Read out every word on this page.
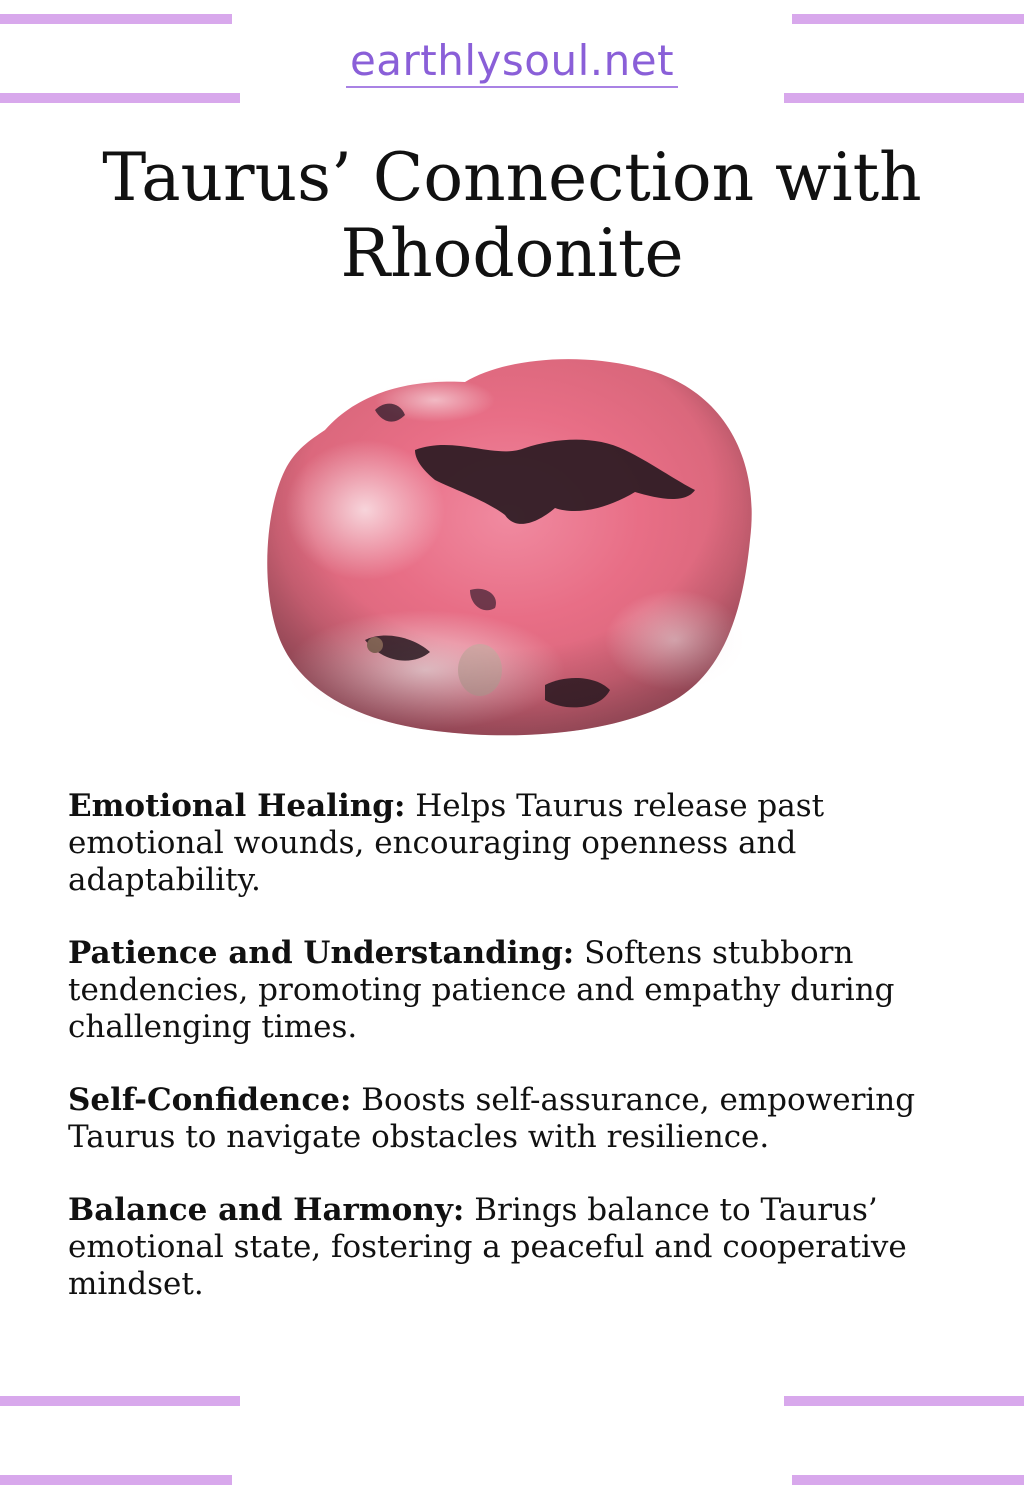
earthlysoul.net
Taurus’ Connection with
Rhodonite

Emotional Healing: Helps Taurus release past emotional wounds, encouraging openness and adaptability.

Patience and Understanding: Softens stubborn tendencies, promoting patience and empathy during challenging times.

Self-Confidence: Boosts self-assurance, empowering Taurus to navigate obstacles with resilience.

Balance and Harmony: Brings balance to Taurus’ emotional state, fostering a peaceful and cooperative mindset.
